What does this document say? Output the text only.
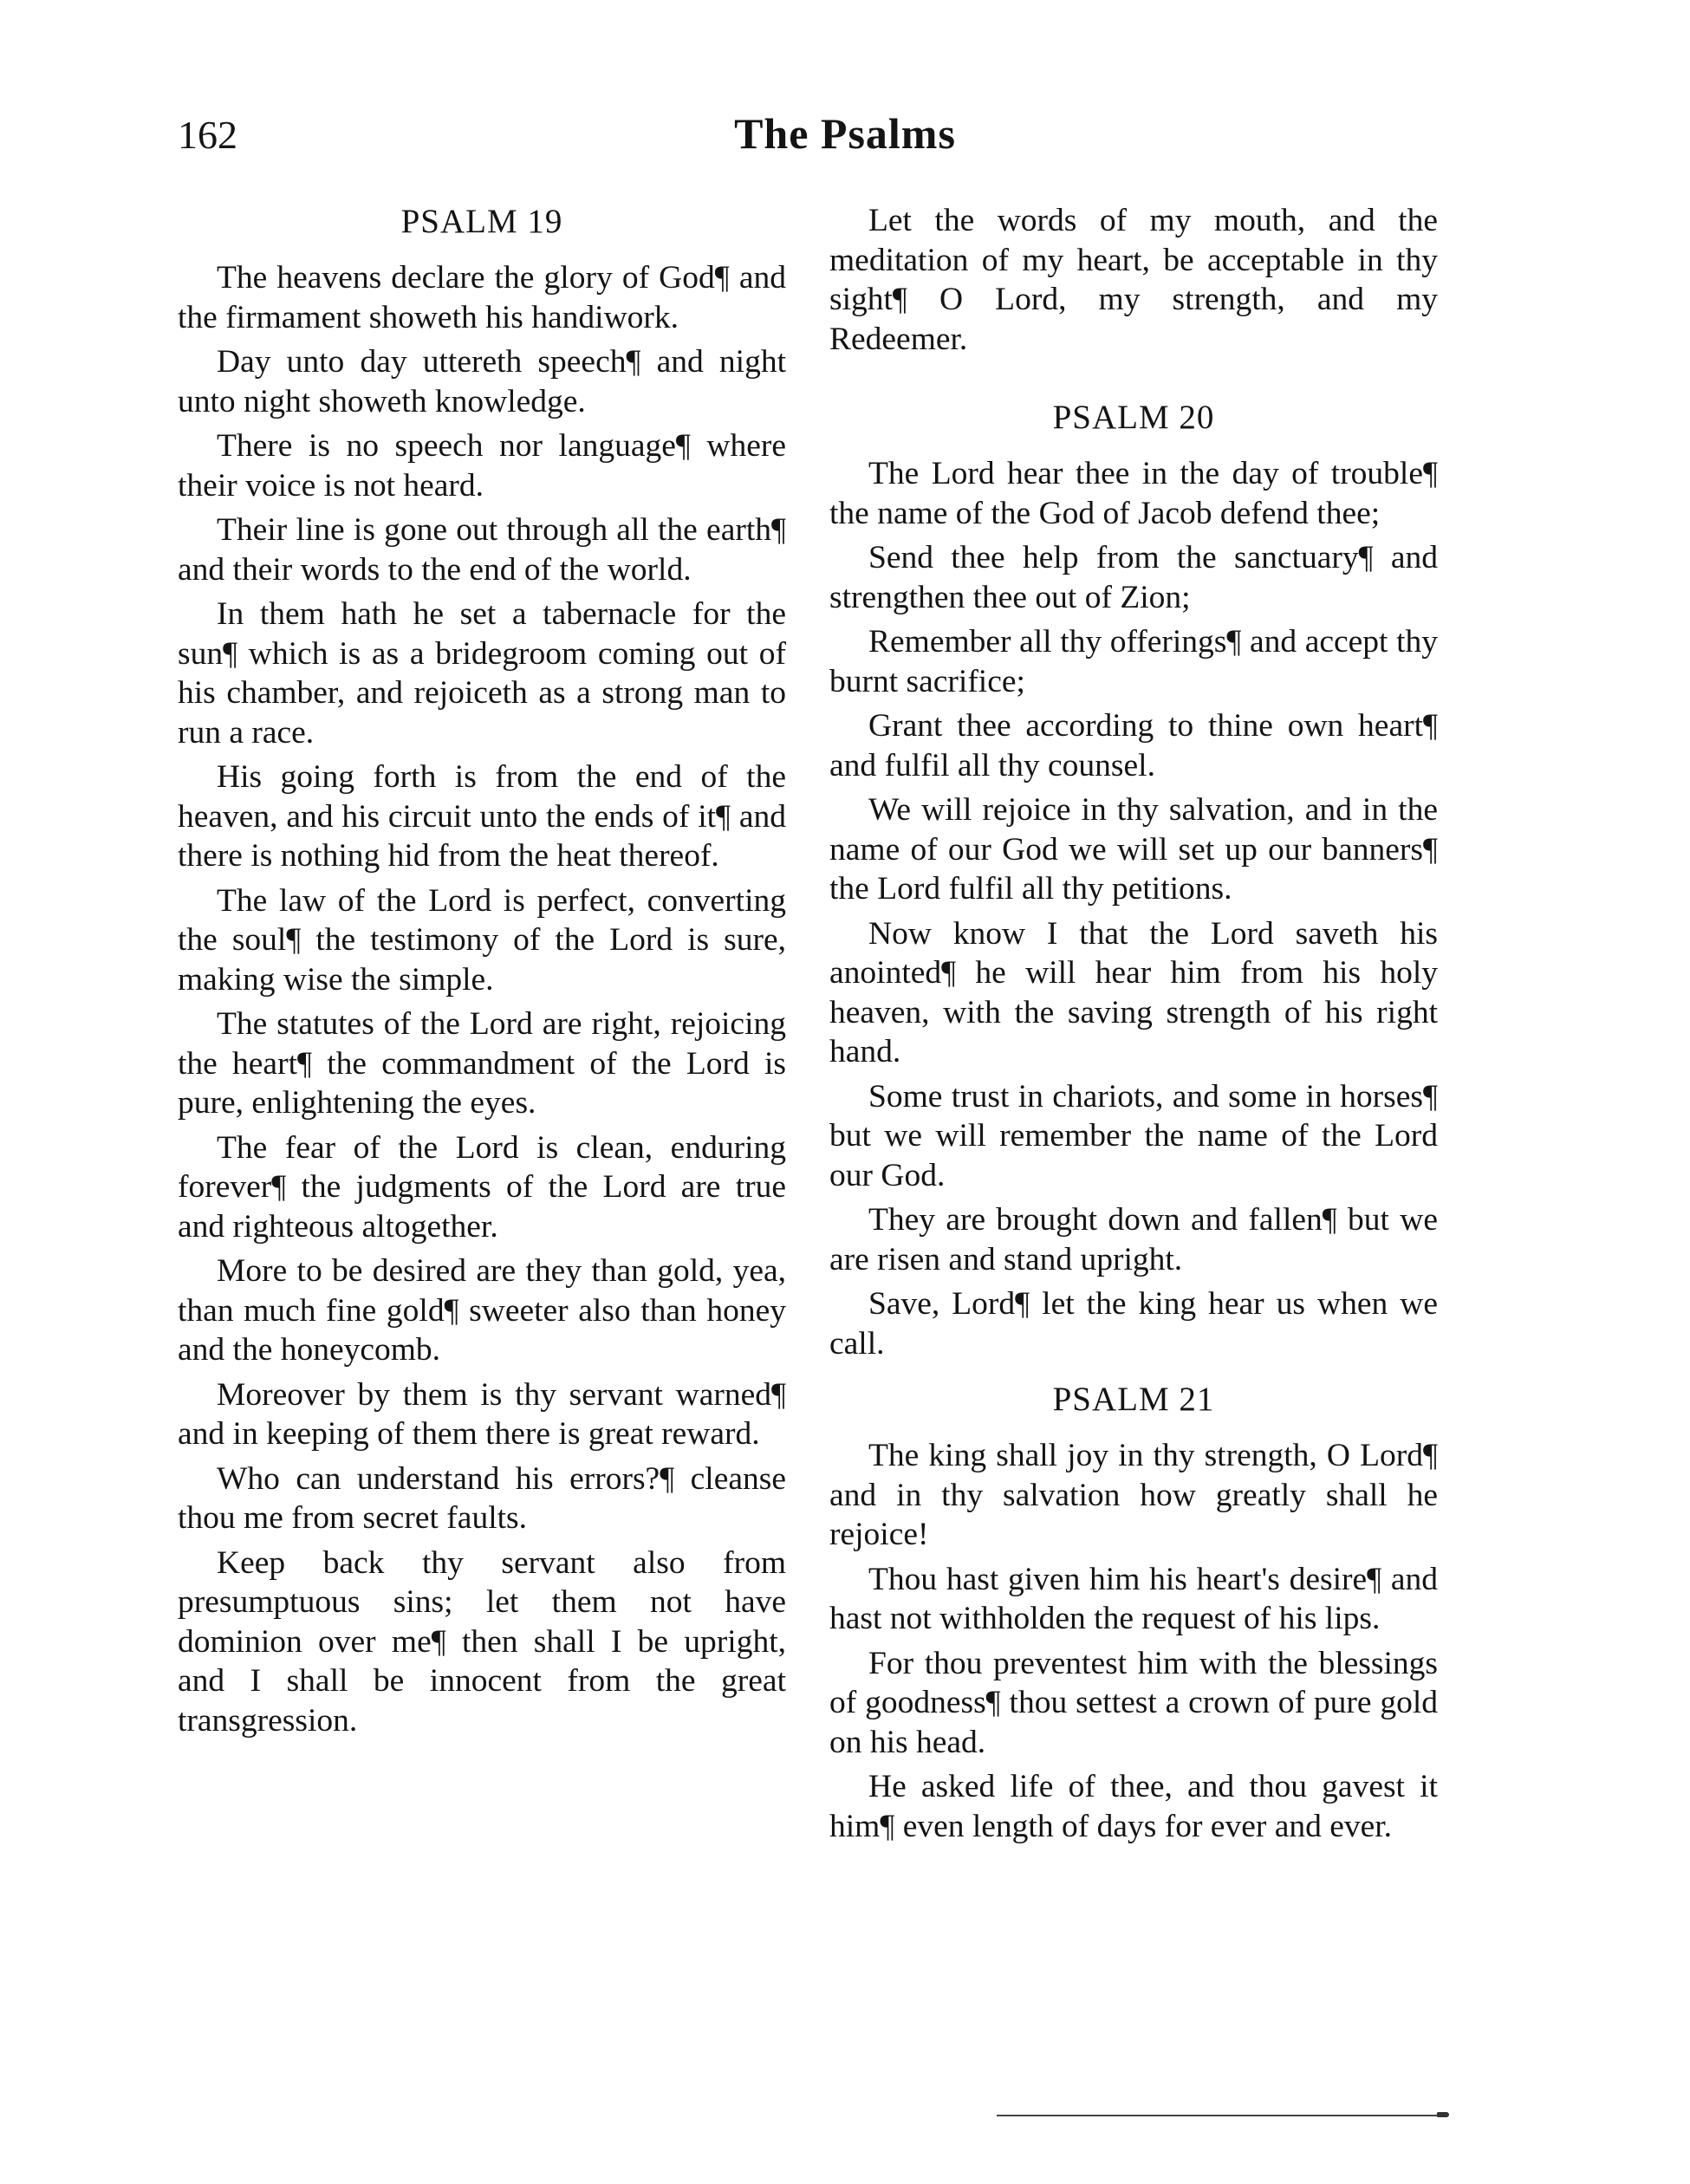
162	The Psalms
PSALM 19

The heavens declare the glory of God¶ and the firmament showeth his handiwork.

Day unto day uttereth speech¶ and night unto night showeth knowledge.

There is no speech nor language¶ where their voice is not heard.

Their line is gone out through all the earth¶ and their words to the end of the world.

In them hath he set a tabernacle for the sun¶ which is as a bridegroom coming out of his chamber, and rejoiceth as a strong man to run a race.

His going forth is from the end of the heaven, and his circuit unto the ends of it¶ and there is nothing hid from the heat thereof.

The law of the Lord is perfect, converting the soul¶ the testimony of the Lord is sure, making wise the simple.

The statutes of the Lord are right, rejoicing the heart¶ the commandment of the Lord is pure, enlightening the eyes.

The fear of the Lord is clean, enduring forever¶ the judgments of the Lord are true and righteous altogether.

More to be desired are they than gold, yea, than much fine gold¶ sweeter also than honey and the honeycomb.

Moreover by them is thy servant warned¶ and in keeping of them there is great reward.

Who can understand his errors?¶ cleanse thou me from secret faults.

Keep back thy servant also from presumptuous sins; let them not have dominion over me¶ then shall I be upright, and I shall be innocent from the great transgression.

Let the words of my mouth, and the meditation of my heart, be acceptable in thy sight¶ O Lord, my strength, and my Redeemer.

PSALM 20

The Lord hear thee in the day of trouble¶ the name of the God of Jacob defend thee;

Send thee help from the sanctuary¶ and strengthen thee out of Zion;

Remember all thy offerings¶ and accept thy burnt sacrifice;

Grant thee according to thine own heart¶ and fulfil all thy counsel.

We will rejoice in thy salvation, and in the name of our God we will set up our banners¶ the Lord fulfil all thy petitions.

Now know I that the Lord saveth his anointed¶ he will hear him from his holy heaven, with the saving strength of his right hand.

Some trust in chariots, and some in horses¶ but we will remember the name of the Lord our God.

They are brought down and fallen¶ but we are risen and stand upright.

Save, Lord¶ let the king hear us when we call.

PSALM 21

The king shall joy in thy strength, O Lord¶ and in thy salvation how greatly shall he rejoice!

Thou hast given him his heart's desire¶ and hast not withholden the request of his lips.

For thou preventest him with the blessings of goodness¶ thou settest a crown of pure gold on his head.

He asked life of thee, and thou gavest it him¶ even length of days for ever and ever.
